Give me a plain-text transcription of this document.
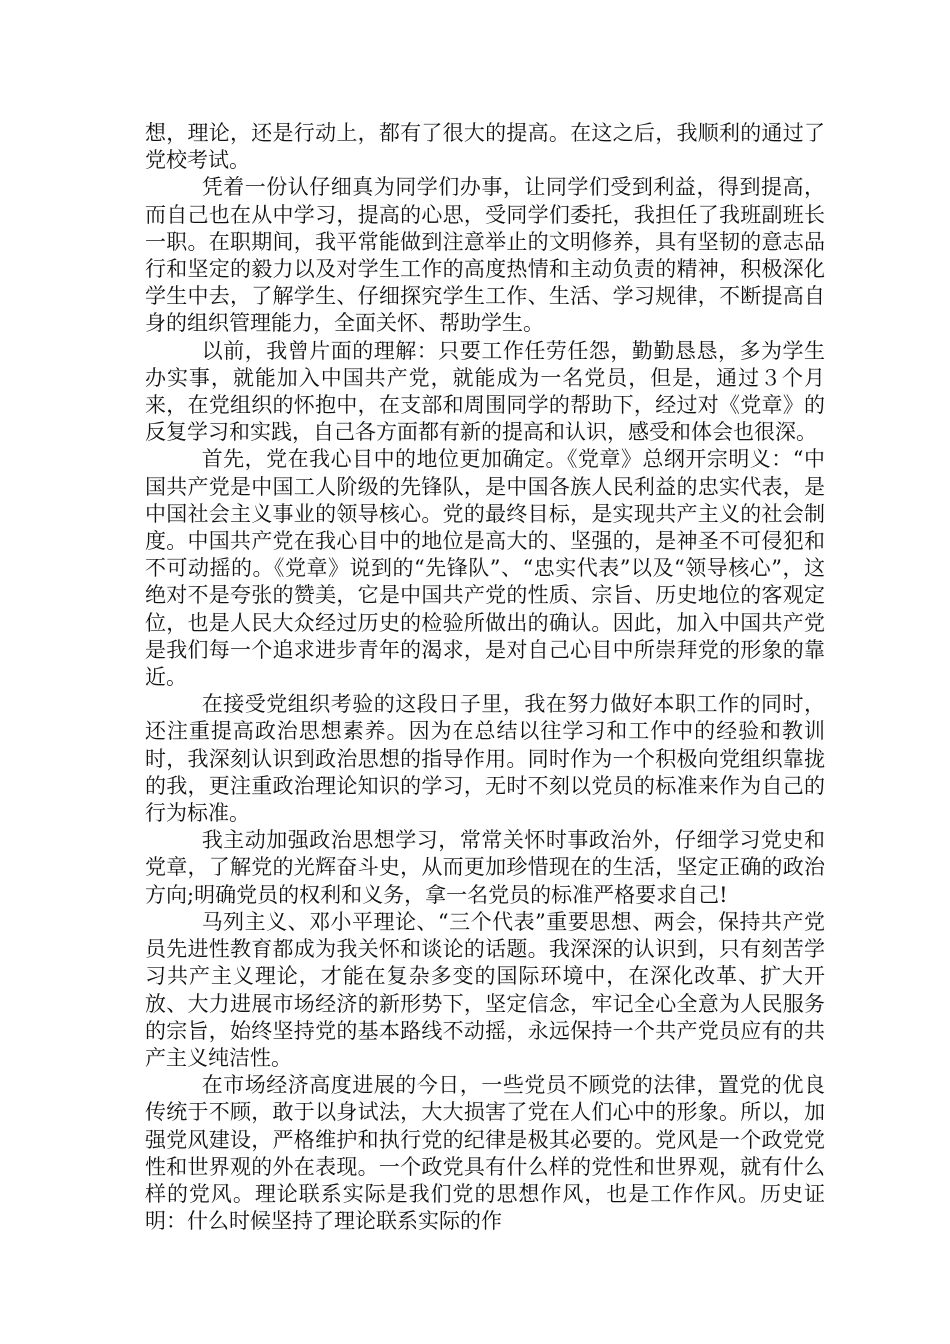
想，理论，还是行动上，都有了很大的提高。在这之后，我顺利的通过了党校考试。

凭着一份认仔细真为同学们办事，让同学们受到利益，得到提高，而自己也在从中学习，提高的心思，受同学们委托，我担任了我班副班长一职。在职期间，我平常能做到注意举止的文明修养，具有坚韧的意志品行和坚定的毅力以及对学生工作的高度热情和主动负责的精神，积极深化学生中去，了解学生、仔细探究学生工作、生活、学习规律，不断提高自身的组织管理能力，全面关怀、帮助学生。

以前，我曾片面的理解：只要工作任劳任怨，勤勤恳恳，多为学生办实事，就能加入中国共产党，就能成为一名党员，但是，通过３个月来，在党组织的怀抱中，在支部和周围同学的帮助下，经过对《党章》的反复学习和实践，自己各方面都有新的提高和认识，感受和体会也很深。

首先，党在我心目中的地位更加确定。《党章》总纲开宗明义：“中国共产党是中国工人阶级的先锋队，是中国各族人民利益的忠实代表，是中国社会主义事业的领导核心。党的最终目标，是实现共产主义的社会制度。中国共产党在我心目中的地位是高大的、坚强的，是神圣不可侵犯和不可动摇的。《党章》说到的“先锋队”、“忠实代表”以及“领导核心”，这绝对不是夸张的赞美，它是中国共产党的性质、宗旨、历史地位的客观定位，也是人民大众经过历史的检验所做出的确认。因此，加入中国共产党是我们每一个追求进步青年的渴求，是对自己心目中所崇拜党的形象的靠近。

在接受党组织考验的这段日子里，我在努力做好本职工作的同时，还注重提高政治思想素养。因为在总结以往学习和工作中的经验和教训时，我深刻认识到政治思想的指导作用。同时作为一个积极向党组织靠拢的我，更注重政治理论知识的学习，无时不刻以党员的标准来作为自己的行为标准。

我主动加强政治思想学习，常常关怀时事政治外，仔细学习党史和党章，了解党的光辉奋斗史，从而更加珍惜现在的生活，坚定正确的政治方向;明确党员的权利和义务，拿一名党员的标准严格要求自己!

马列主义、邓小平理论、“三个代表”重要思想、两会，保持共产党员先进性教育都成为我关怀和谈论的话题。我深深的认识到，只有刻苦学习共产主义理论，才能在复杂多变的国际环境中，在深化改革、扩大开放、大力进展市场经济的新形势下，坚定信念，牢记全心全意为人民服务的宗旨，始终坚持党的基本路线不动摇，永远保持一个共产党员应有的共产主义纯洁性。

在市场经济高度进展的今日，一些党员不顾党的法律，置党的优良传统于不顾，敢于以身试法，大大损害了党在人们心中的形象。所以，加强党风建设，严格维护和执行党的纪律是极其必要的。党风是一个政党党性和世界观的外在表现。一个政党具有什么样的党性和世界观，就有什么样的党风。理论联系实际是我们党的思想作风，也是工作作风。历史证明：什么时候坚持了理论联系实际的作
